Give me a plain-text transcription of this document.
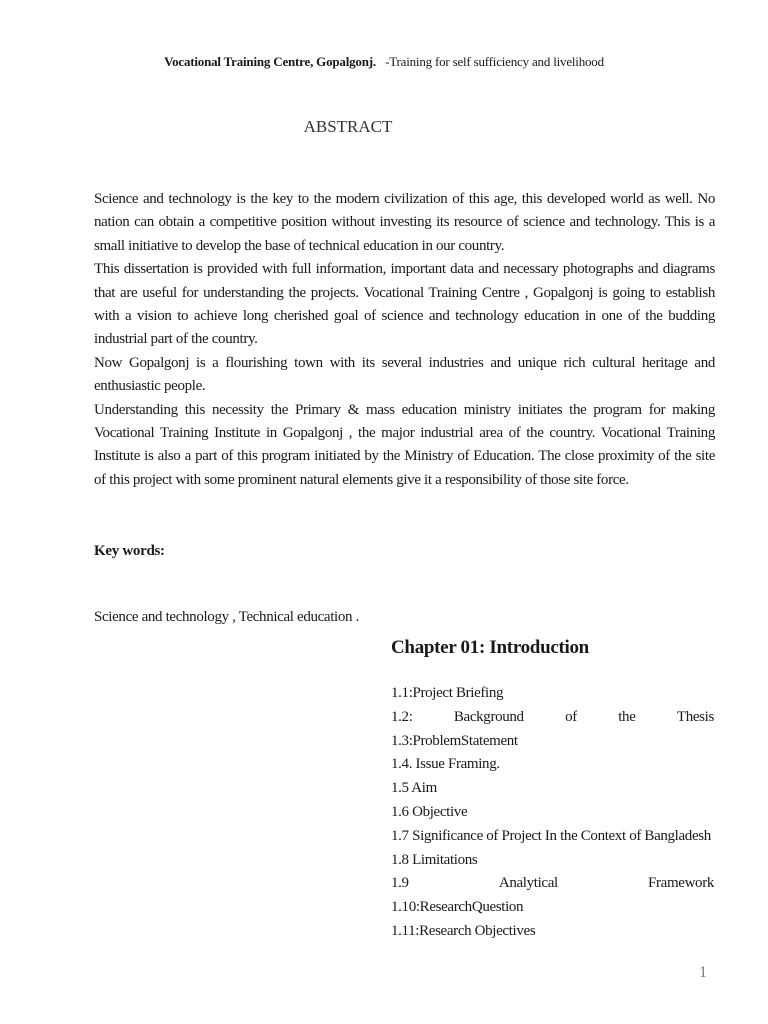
Vocational Training Centre, Gopalgonj. -Training for self sufficiency and livelihood
ABSTRACT

Science and technology is the key to the modern civilization of this age, this developed world as well. No nation can obtain a competitive position without investing its resource of science and technology. This is a small initiative to develop the base of technical education in our country.

This dissertation is provided with full information, important data and necessary photographs and diagrams that are useful for understanding the projects. Vocational Training Centre , Gopalgonj is going to establish with a vision to achieve long cherished goal of science and technology education in one of the budding industrial part of the country.

Now Gopalgonj is a flourishing town with its several industries and unique rich cultural heritage and enthusiastic people.

Understanding this necessity the Primary & mass education ministry initiates the program for making Vocational Training Institute in Gopalgonj , the major industrial area of the country. Vocational Training Institute is also a part of this program initiated by the Ministry of Education. The close proximity of the site of this project with some prominent natural elements give it a responsibility of those site force.

Key words:
Science and technology , Technical education .
Chapter 01: Introduction
1.1:Project Briefing
1.2:	Background	of	the	Thesis
1.3:ProblemStatement
1.4. Issue Framing.
1.5 Aim
1.6 Objective
1.7 Significance of Project In the Context of Bangladesh
1.8 Limitations
1.9	Analytical	Framework
1.10:ResearchQuestion
1.11:Research Objectives
1
